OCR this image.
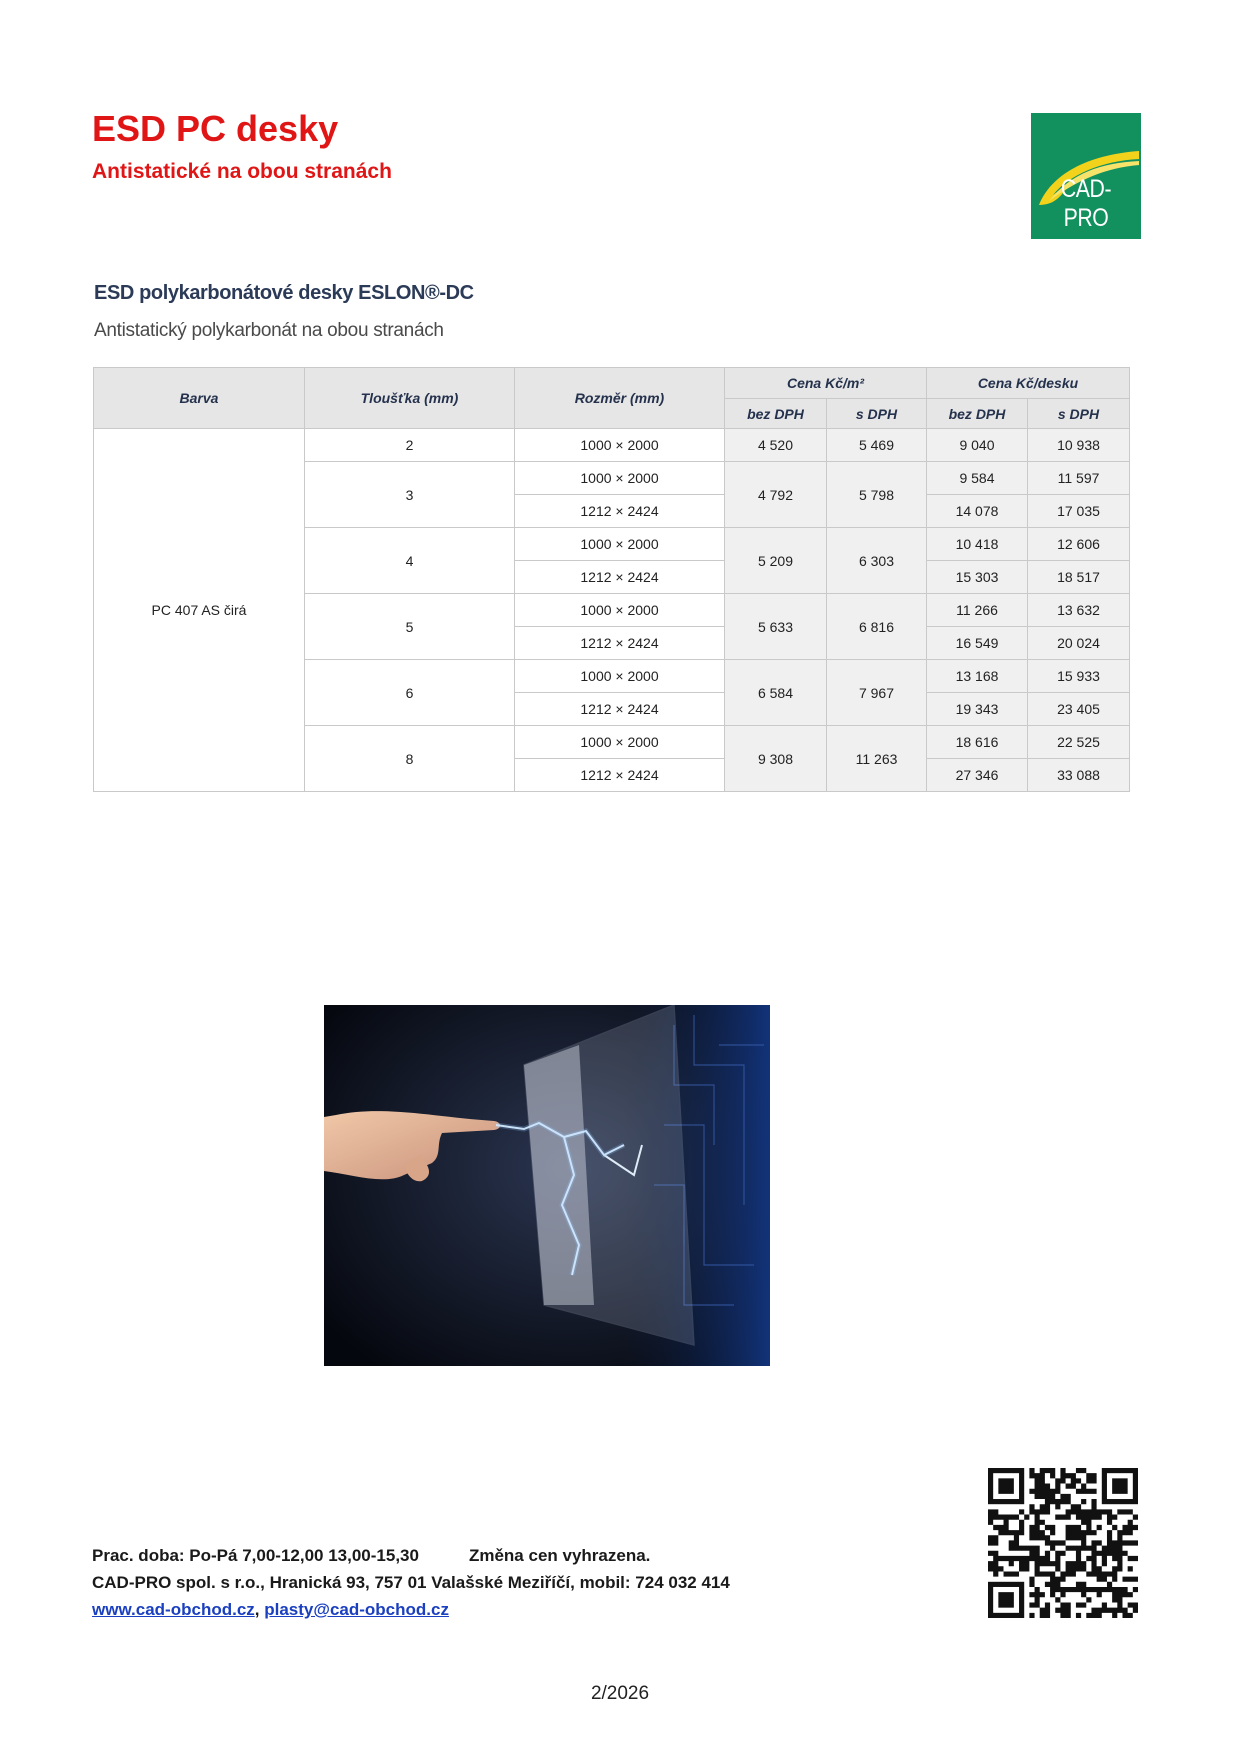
ESD PC desky
Antistatické na obou stranách
CAD-PRO
ESD polykarbonátové desky ESLON®-DC
Antistatický polykarbonát na obou stranách
Barva	Tloušťka (mm)	Rozměr (mm)	Cena Kč/m²		Cena Kč/desku	
			bez DPH	s DPH	bez DPH	s DPH
PC 407 AS čirá	2	1000 × 2000	4 520	5 469	9 040	10 938
	3	1000 × 2000	4 792	5 798	9 584	11 597
		1212 × 2424			14 078	17 035
	4	1000 × 2000	5 209	6 303	10 418	12 606
		1212 × 2424			15 303	18 517
	5	1000 × 2000	5 633	6 816	11 266	13 632
		1212 × 2424			16 549	20 024
	6	1000 × 2000	6 584	7 967	13 168	15 933
		1212 × 2424			19 343	23 405
	8	1000 × 2000	9 308	11 263	18 616	22 525
		1212 × 2424			27 346	33 088
Prac. doba: Po-Pá 7,00-12,00 13,00-15,30	Změna cen vyhrazena.
CAD-PRO spol. s r.o., Hranická 93, 757 01 Valašské Meziříčí, mobil: 724 032 414
www.cad-obchod.cz, plasty@cad-obchod.cz
2/2026
